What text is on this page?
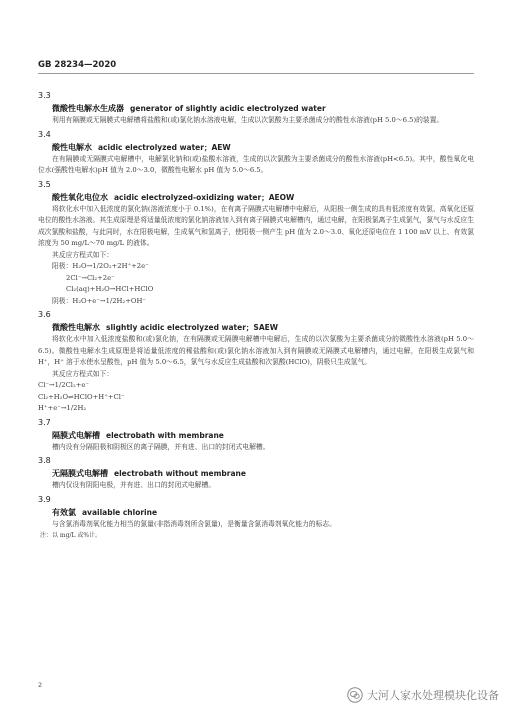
GB 28234—2020
3.3
微酸性电解水生成器 generator of slightly acidic electrolyzed water
利用有隔膜或无隔膜式电解槽将盐酸和(或)氯化钠水溶液电解，生成以次氯酸为主要杀菌成分的酸性水溶液(pH 5.0～6.5)的装置。
3.4
酸性电解水 acidic electrolyzed water；AEW
在有隔膜或无隔膜式电解槽中，电解氯化钠和(或)盐酸水溶液，生成的以次氯酸为主要杀菌成分的酸性水溶液(pH<6.5)。其中，酸性氧化电位水(强酸性电解水)pH 值为 2.0～3.0，微酸性电解水 pH 值为 5.0～6.5。
3.5
酸性氧化电位水 acidic electrolyzed-oxidizing water；AEOW
将软化水中加入低浓度的氯化钠(溶液浓度小于 0.1%)，在有离子隔膜式电解槽中电解后，从阳极一侧生成的具有低浓度有效氯、高氧化还原电位的酸性水溶液。其生成原理是将适量低浓度的氯化钠溶液加入到有离子隔膜式电解槽内，通过电解，在阳极氯离子生成氯气，氯气与水反应生成次氯酸和盐酸，与此同时，水在阳极电解，生成氧气和氢离子，使阳极一侧产生 pH 值为 2.0～3.0、氧化还原电位在 1 100 mV 以上、有效氯浓度为 50 mg/L～70 mg/L 的液体。
其反应方程式如下：
阳极：H₂O→1/2O₂+2H⁺+2e⁻
2Cl⁻→Cl₂+2e⁻
Cl₂(aq)+H₂O→HCl+HClO
阴极：H₂O+e⁻→1/2H₂+OH⁻
3.6
微酸性电解水 slightly acidic electrolyzed water；SAEW
将软化水中加入低浓度盐酸和(或)氯化钠，在有隔膜或无隔膜电解槽中电解后，生成的以次氯酸为主要杀菌成分的微酸性水溶液(pH 5.0～6.5)。微酸性电解水生成原理是将适量低浓度的稀盐酸和(或)氯化钠水溶液加入到有隔膜或无隔膜式电解槽内，通过电解，在阳极生成氯气和 H⁺，H⁺ 溶于水使水呈酸性，pH 值为 5.0～6.5，氯气与水反应生成盐酸和次氯酸(HClO)，阴极只生成氢气。
其反应方程式如下：
Cl⁻→1/2Cl₂+e⁻
Cl₂+H₂O⇌HClO+H⁺+Cl⁻
H⁺+e⁻→1/2H₂
3.7
隔膜式电解槽 electrobath with membrane
槽内设有分隔阳极和阴极区的离子隔膜，并有进、出口的封闭式电解槽。
3.8
无隔膜式电解槽 electrobath without membrane
槽内仅设有阴阳电极，并有进、出口的封闭式电解槽。
3.9
有效氯 available chlorine
与含氯消毒剂氧化能力相当的氯量(非指消毒剂所含氯量)，是衡量含氯消毒剂氧化能力的标志。
注：以 mg/L 或%计。
2
大河人家水处理模块化设备
